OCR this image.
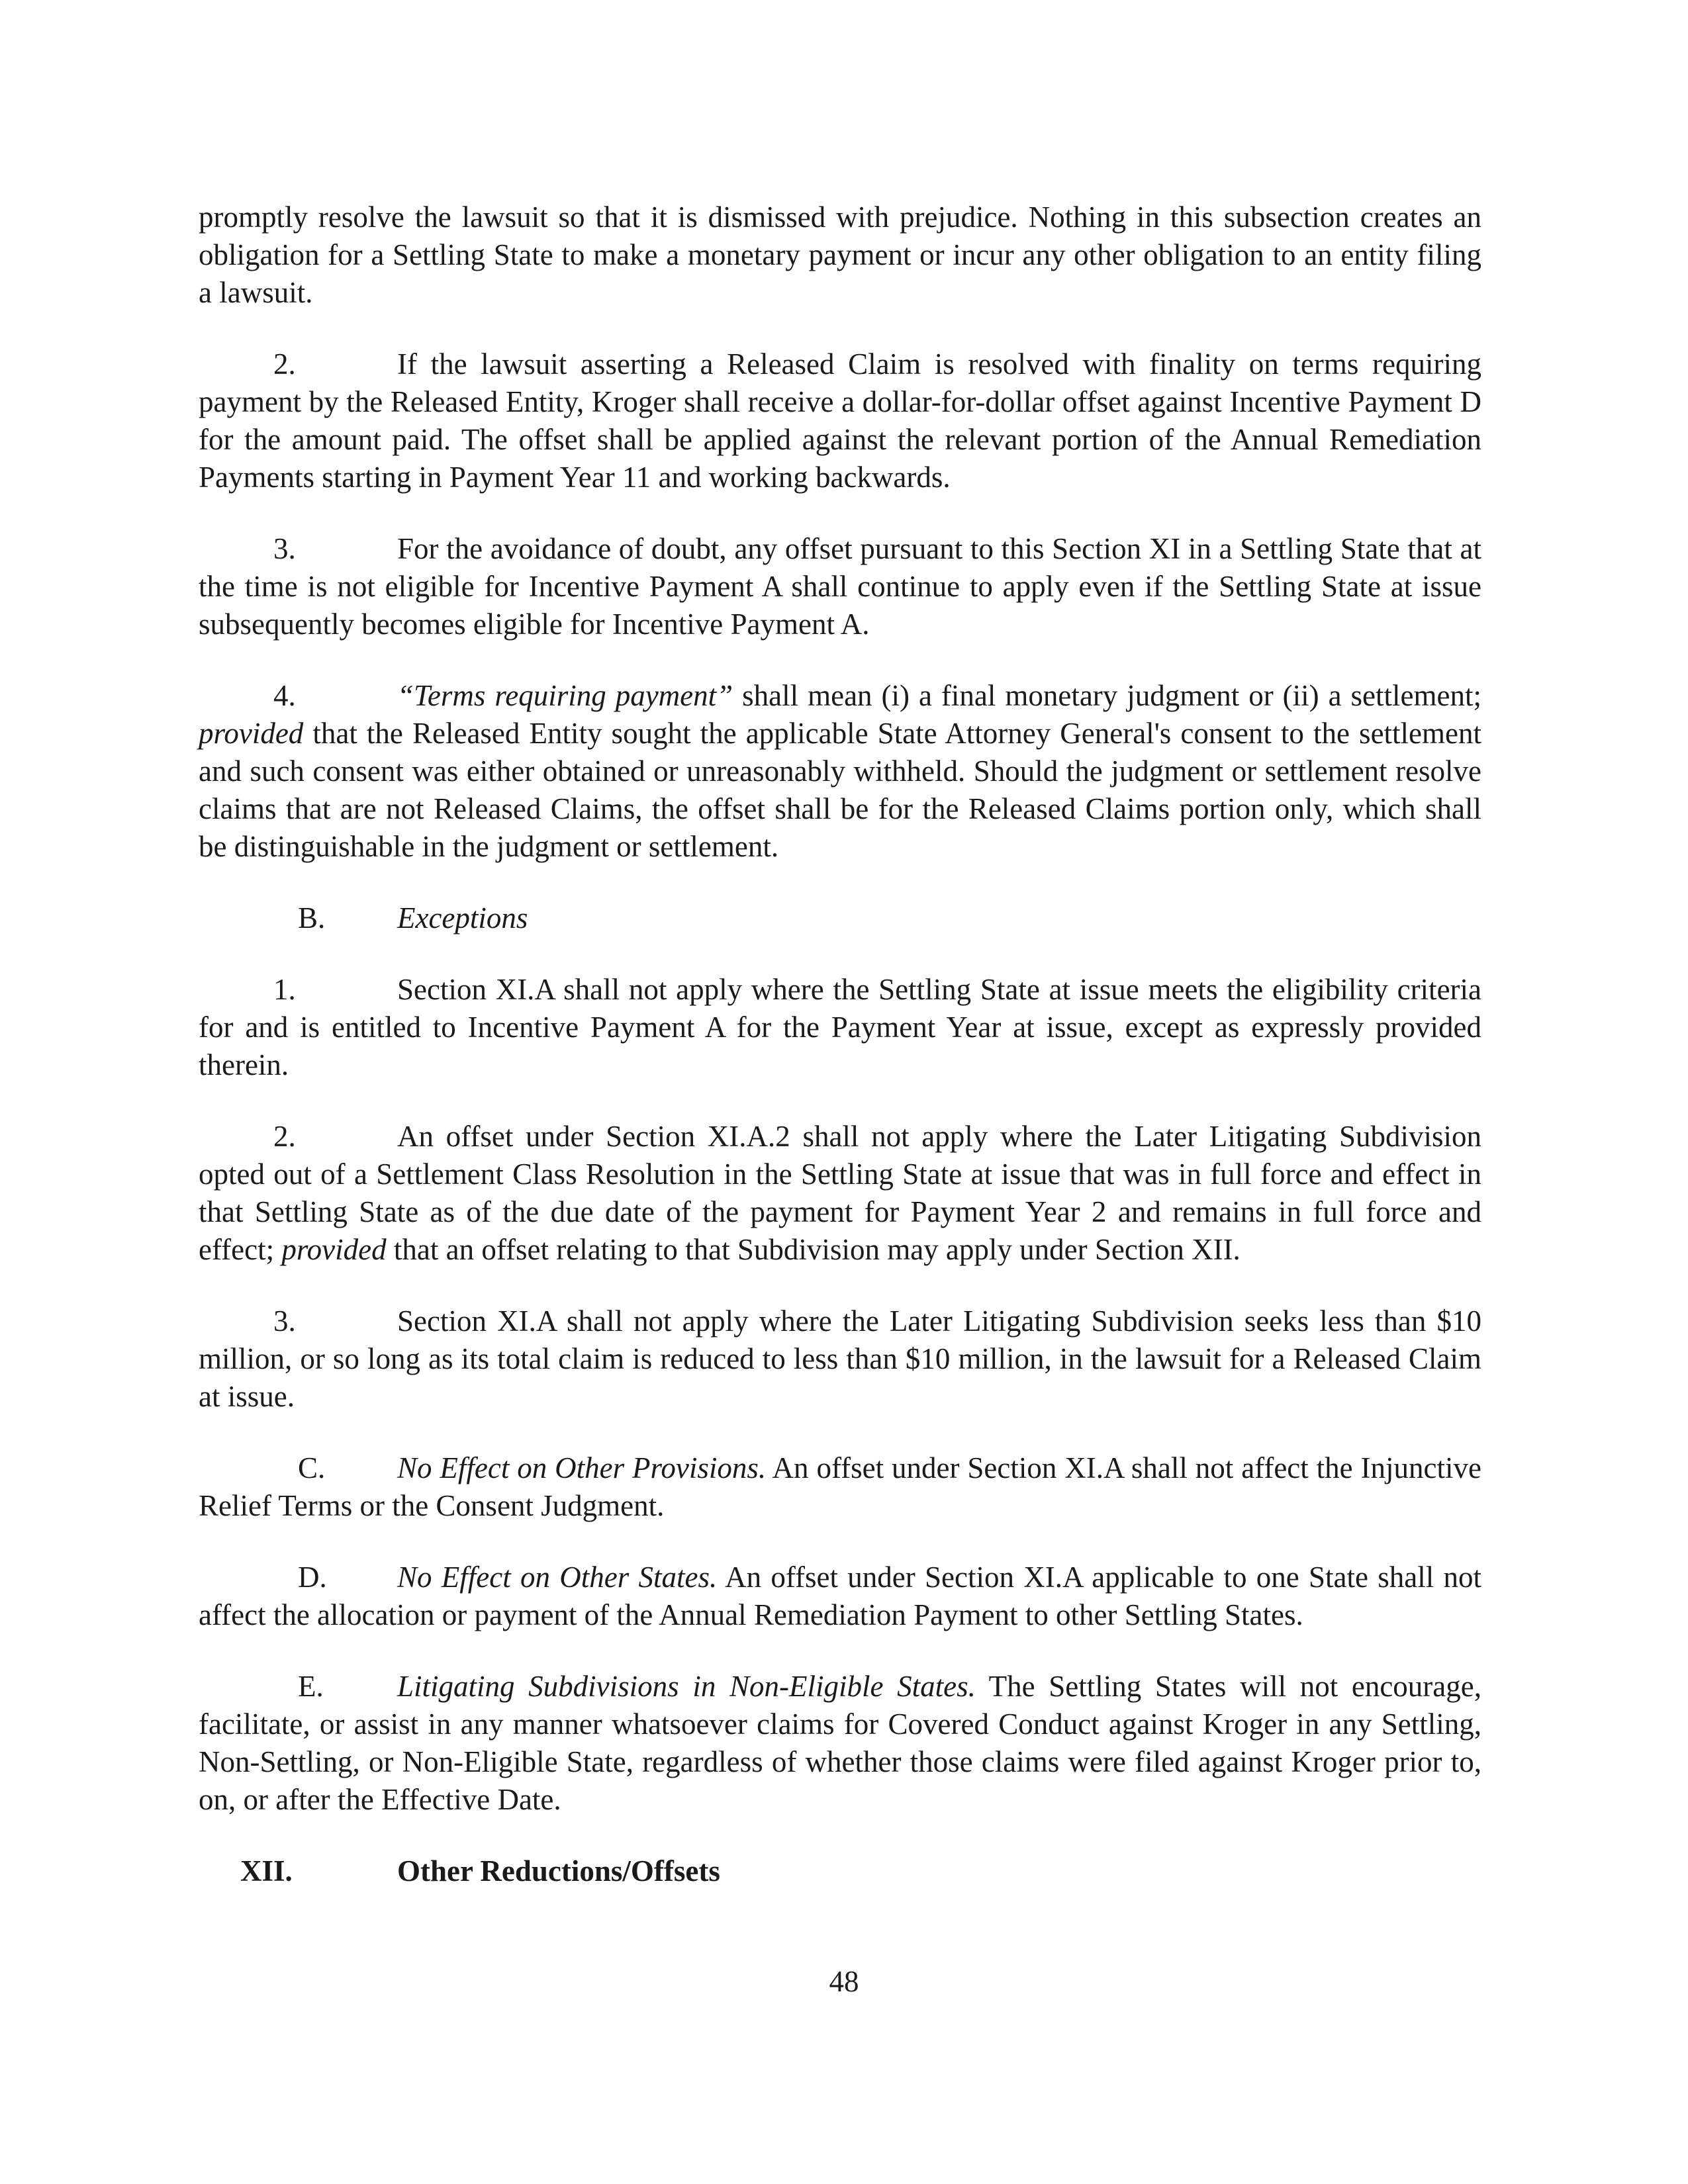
promptly resolve the lawsuit so that it is dismissed with prejudice. Nothing in this subsection creates an obligation for a Settling State to make a monetary payment or incur any other obligation to an entity filing a lawsuit.

2.	If the lawsuit asserting a Released Claim is resolved with finality on terms requiring payment by the Released Entity, Kroger shall receive a dollar-for-dollar offset against Incentive Payment D for the amount paid. The offset shall be applied against the relevant portion of the Annual Remediation Payments starting in Payment Year 11 and working backwards.

3.	For the avoidance of doubt, any offset pursuant to this Section XI in a Settling State that at the time is not eligible for Incentive Payment A shall continue to apply even if the Settling State at issue subsequently becomes eligible for Incentive Payment A.

4.	“Terms requiring payment” shall mean (i) a final monetary judgment or (ii) a settlement; provided that the Released Entity sought the applicable State Attorney General's consent to the settlement and such consent was either obtained or unreasonably withheld. Should the judgment or settlement resolve claims that are not Released Claims, the offset shall be for the Released Claims portion only, which shall be distinguishable in the judgment or settlement.

B. Exceptions

1.	Section XI.A shall not apply where the Settling State at issue meets the eligibility criteria for and is entitled to Incentive Payment A for the Payment Year at issue, except as expressly provided therein.

2.	An offset under Section XI.A.2 shall not apply where the Later Litigating Subdivision opted out of a Settlement Class Resolution in the Settling State at issue that was in full force and effect in that Settling State as of the due date of the payment for Payment Year 2 and remains in full force and effect; provided that an offset relating to that Subdivision may apply under Section XII.

3.	Section XI.A shall not apply where the Later Litigating Subdivision seeks less than $10 million, or so long as its total claim is reduced to less than $10 million, in the lawsuit for a Released Claim at issue.

C. No Effect on Other Provisions. An offset under Section XI.A shall not affect the Injunctive Relief Terms or the Consent Judgment.

D. No Effect on Other States. An offset under Section XI.A applicable to one State shall not affect the allocation or payment of the Annual Remediation Payment to other Settling States.

E. Litigating Subdivisions in Non-Eligible States. The Settling States will not encourage, facilitate, or assist in any manner whatsoever claims for Covered Conduct against Kroger in any Settling, Non-Settling, or Non-Eligible State, regardless of whether those claims were filed against Kroger prior to, on, or after the Effective Date.

XII.	Other Reductions/Offsets

48
